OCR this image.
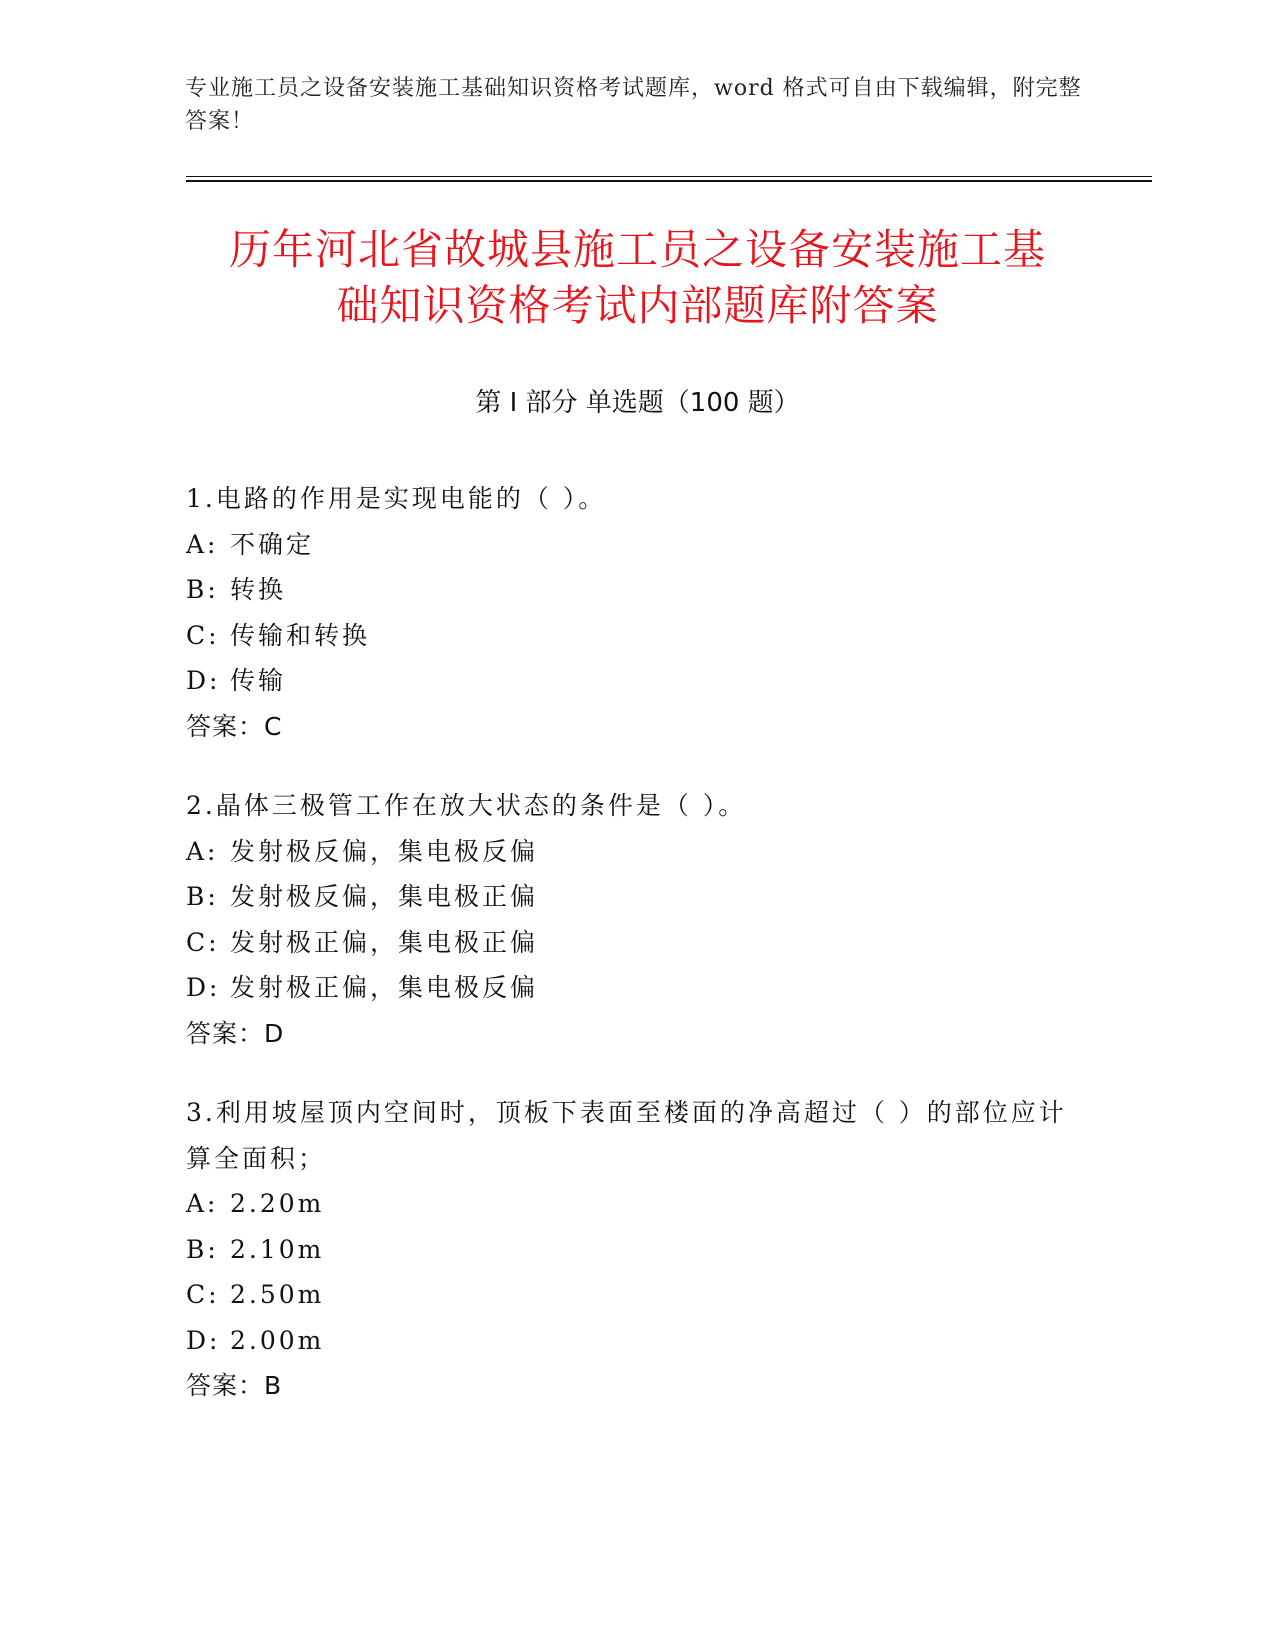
专业施工员之设备安装施工基础知识资格考试题库，word 格式可自由下载编辑，附完整答案！
历年河北省故城县施工员之设备安装施工基
础知识资格考试内部题库附答案
第 I 部分 单选题（100 题）
1.电路的作用是实现电能的（ ）。
A: 不确定
B: 转换
C: 传输和转换
D: 传输
答案：C
2.晶体三极管工作在放大状态的条件是（ ）。
A: 发射极反偏，集电极反偏
B: 发射极反偏，集电极正偏
C: 发射极正偏，集电极正偏
D: 发射极正偏，集电极反偏
答案：D
3.利用坡屋顶内空间时，顶板下表面至楼面的净高超过（ ）的部位应计算全面积；
A: 2.20m
B: 2.10m
C: 2.50m
D: 2.00m
答案：B
